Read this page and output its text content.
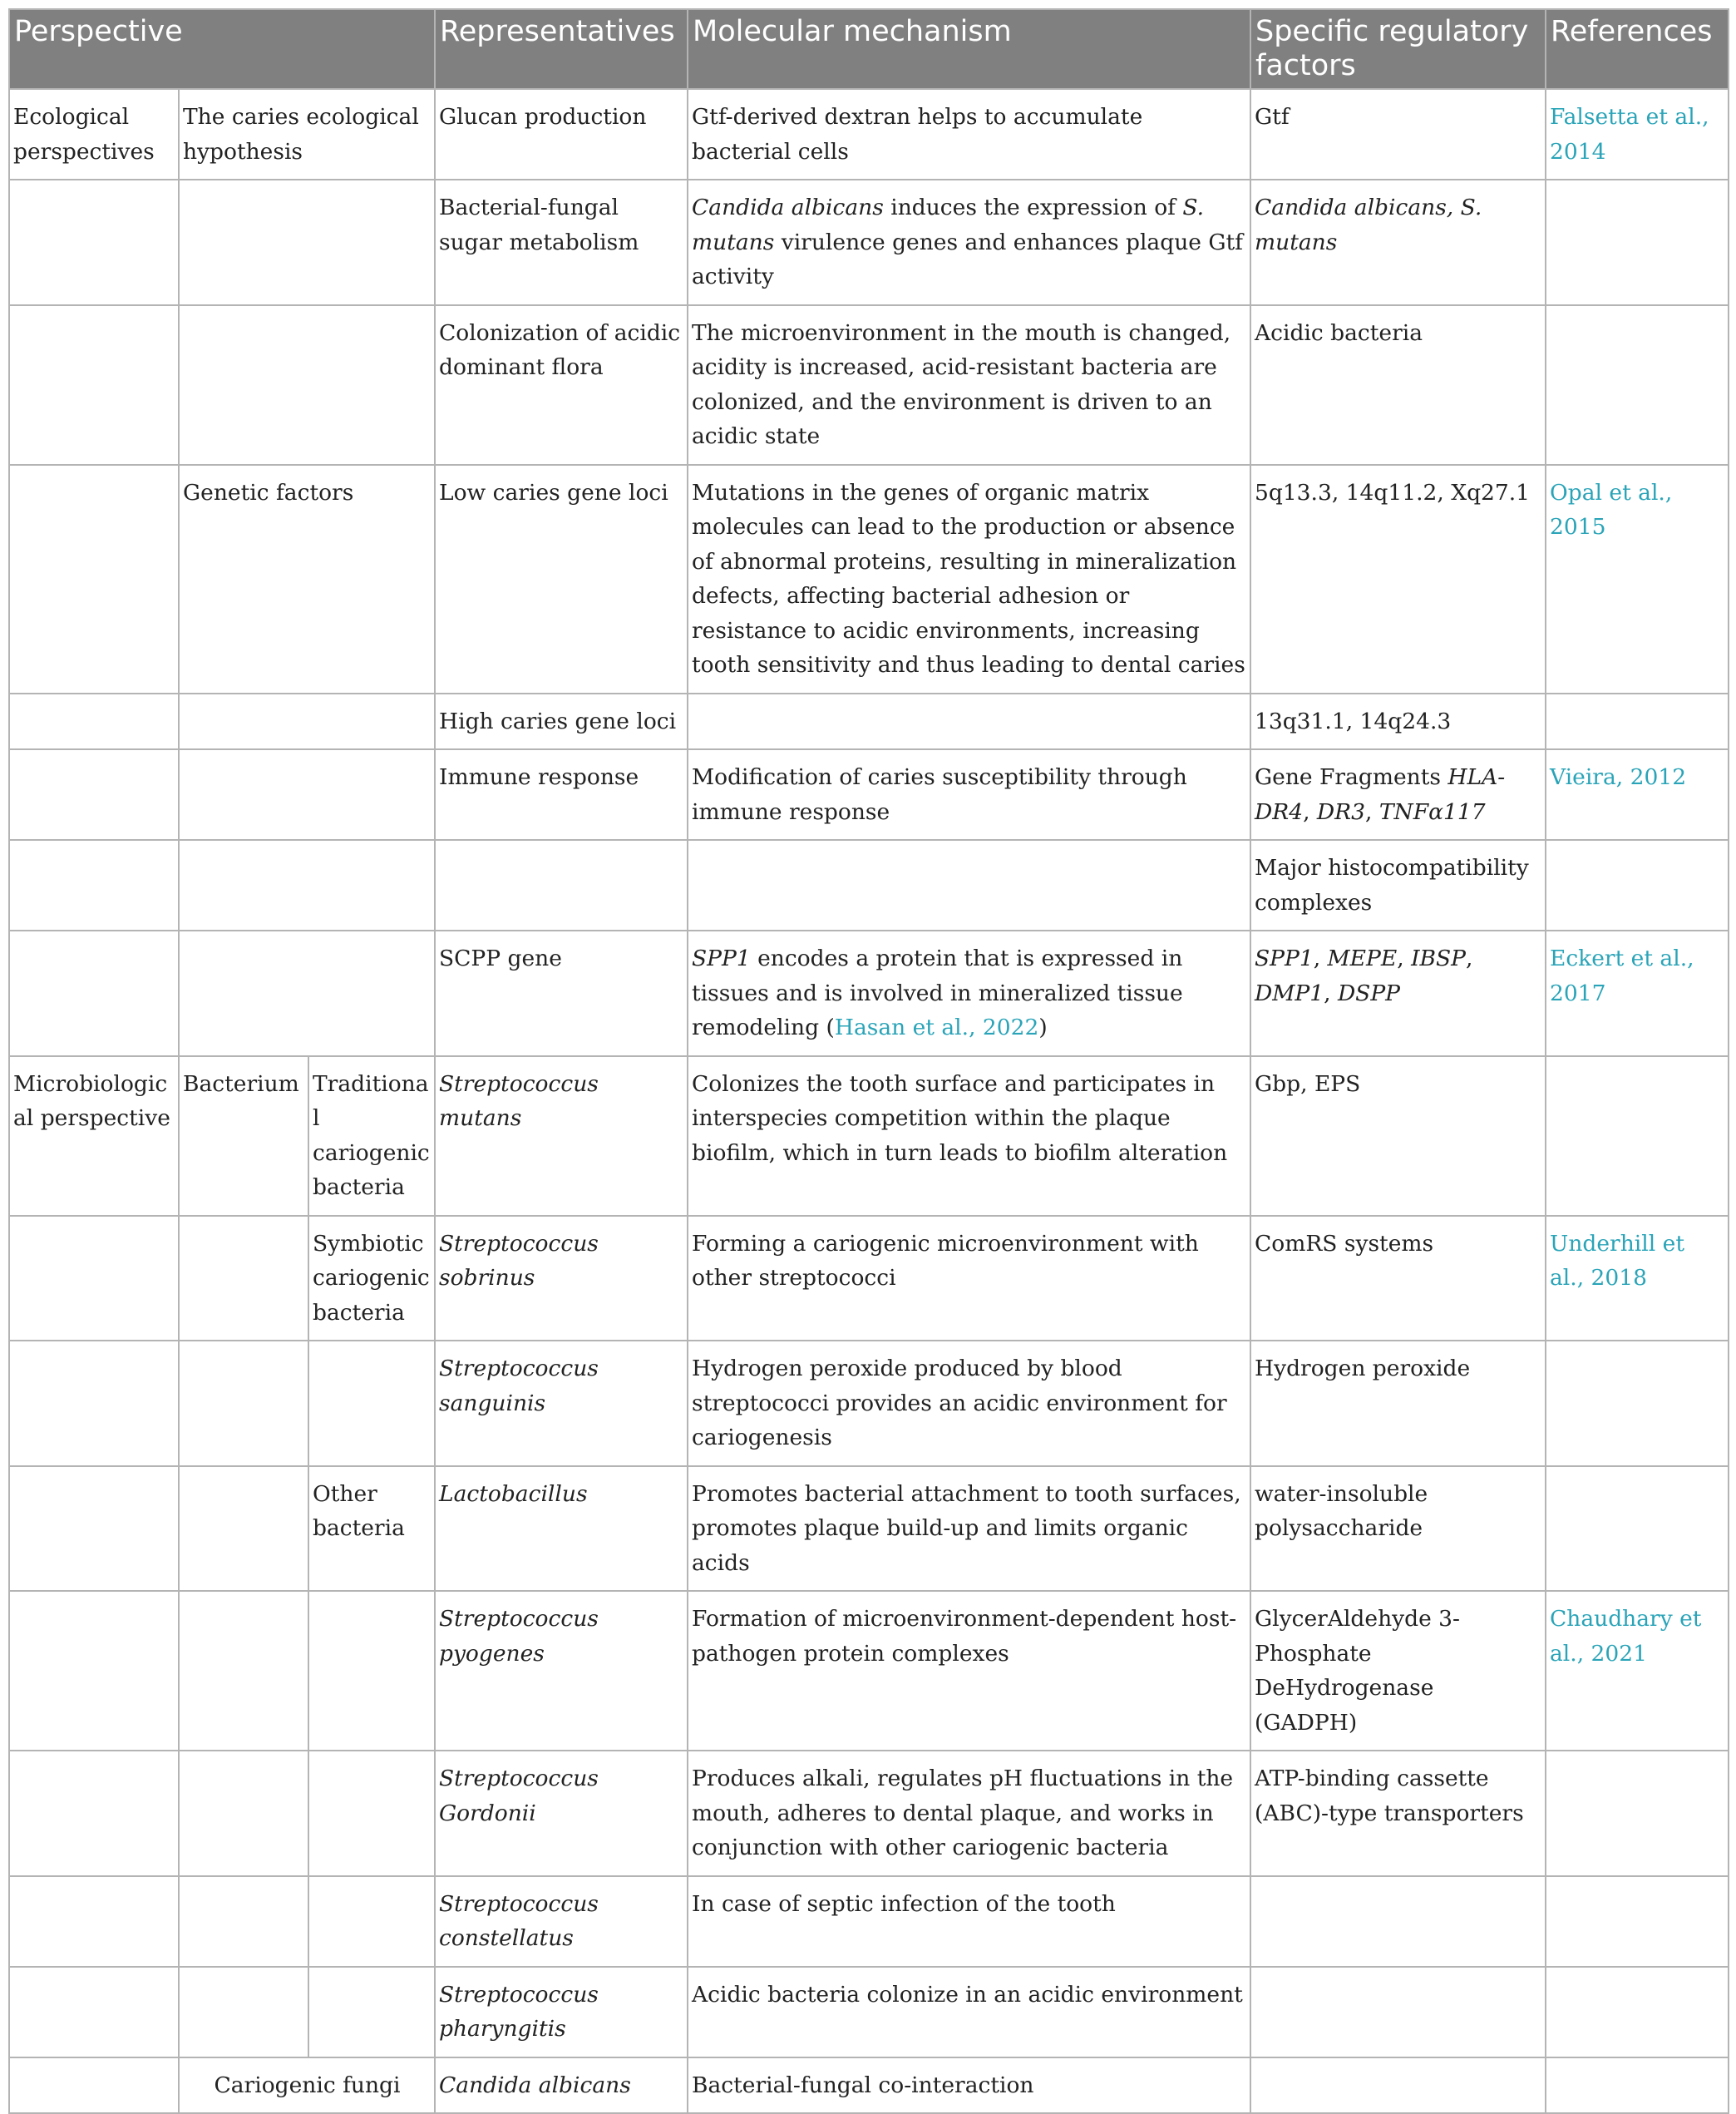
Perspective			Representatives	Molecular mechanism	Specific regulatory factors	References
Ecological perspectives	The caries ecological hypothesis		Glucan production	Gtf-derived dextran helps to accumulate bacterial cells	Gtf	Falsetta et al., 2014
			Bacterial-fungal sugar metabolism	Candida albicans induces the expression of S. mutans virulence genes and enhances plaque Gtf activity	Candida albicans, S. mutans	
			Colonization of acidic dominant flora	The microenvironment in the mouth is changed, acidity is increased, acid-resistant bacteria are colonized, and the environment is driven to an acidic state	Acidic bacteria	
	Genetic factors		Low caries gene loci	Mutations in the genes of organic matrix molecules can lead to the production or absence of abnormal proteins, resulting in mineralization defects, affecting bacterial adhesion or resistance to acidic environments, increasing tooth sensitivity and thus leading to dental caries	5q13.3, 14q11.2, Xq27.1	Opal et al., 2015
			High caries gene loci		13q31.1, 14q24.3	
			Immune response	Modification of caries susceptibility through immune response	Gene Fragments HLA-DR4, DR3, TNFα117	Vieira, 2012
					Major histocompatibility complexes	
			SCPP gene	SPP1 encodes a protein that is expressed in tissues and is involved in mineralized tissue remodeling (Hasan et al., 2022)	SPP1, MEPE, IBSP, DMP1, DSPP	Eckert et al., 2017
Microbiological perspective	Bacterium	Traditional cariogenic bacteria	Streptococcus mutans	Colonizes the tooth surface and participates in interspecies competition within the plaque biofilm, which in turn leads to biofilm alteration	Gbp, EPS	
		Symbiotic cariogenic bacteria	Streptococcus sobrinus	Forming a cariogenic microenvironment with other streptococci	ComRS systems	Underhill et al., 2018
			Streptococcus sanguinis	Hydrogen peroxide produced by blood streptococci provides an acidic environment for cariogenesis	Hydrogen peroxide	
		Other bacteria	Lactobacillus	Promotes bacterial attachment to tooth surfaces, promotes plaque build-up and limits organic acids	water-insoluble polysaccharide	
			Streptococcus pyogenes	Formation of microenvironment-dependent host-pathogen protein complexes	GlycerAldehyde 3-Phosphate DeHydrogenase (GADPH)	Chaudhary et al., 2021
			Streptococcus Gordonii	Produces alkali, regulates pH fluctuations in the mouth, adheres to dental plaque, and works in conjunction with other cariogenic bacteria	ATP-binding cassette (ABC)-type transporters	
			Streptococcus constellatus	In case of septic infection of the tooth		
			Streptococcus pharyngitis	Acidic bacteria colonize in an acidic environment		
	Cariogenic fungi		Candida albicans	Bacterial-fungal co-interaction		
